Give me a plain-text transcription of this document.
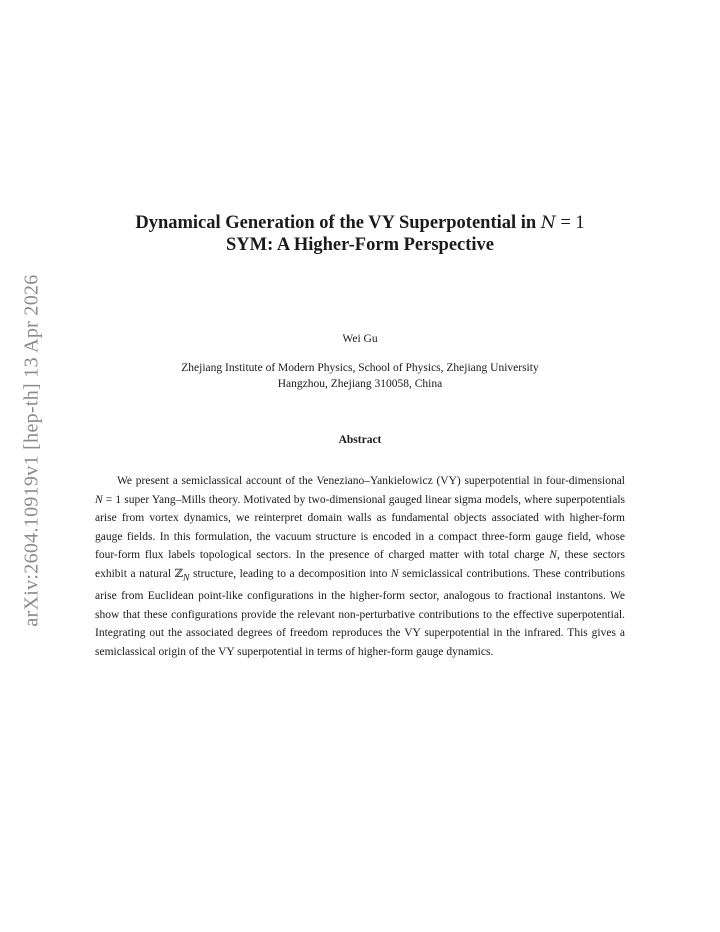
arXiv:2604.10919v1 [hep-th] 13 Apr 2026
Dynamical Generation of the VY Superpotential in N = 1
SYM: A Higher-Form Perspective

Wei Gu

Zhejiang Institute of Modern Physics, School of Physics, Zhejiang University
Hangzhou, Zhejiang 310058, China

Abstract

We present a semiclassical account of the Veneziano–Yankielowicz (VY) superpotential in four-dimensional N = 1 super Yang–Mills theory. Motivated by two-dimensional gauged linear sigma models, where superpotentials arise from vortex dynamics, we reinterpret domain walls as fundamental objects associated with higher-form gauge fields. In this formulation, the vacuum structure is encoded in a compact three-form gauge field, whose four-form flux labels topological sectors. In the presence of charged matter with total charge N, these sectors exhibit a natural ℤ$_N$ structure, leading to a decomposition into N semiclassical contributions. These contributions arise from Euclidean point-like configurations in the higher-form sector, analogous to fractional instantons. We show that these configurations provide the relevant non-perturbative contributions to the effective superpotential. Integrating out the associated degrees of freedom reproduces the VY superpotential in the infrared. This gives a semiclassical origin of the VY superpotential in terms of higher-form gauge dynamics.
